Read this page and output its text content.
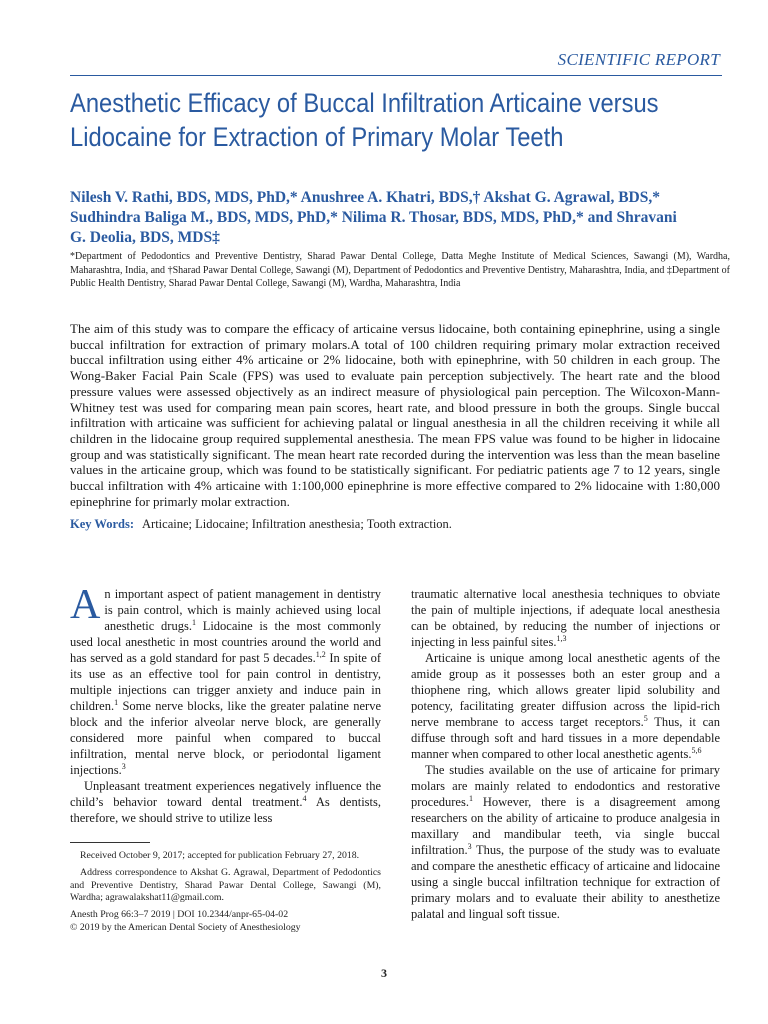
SCIENTIFIC REPORT
Anesthetic Efficacy of Buccal Infiltration Articaine versus
Lidocaine for Extraction of Primary Molar Teeth
Nilesh V. Rathi, BDS, MDS, PhD,* Anushree A. Khatri, BDS,† Akshat G. Agrawal, BDS,*
Sudhindra Baliga M., BDS, MDS, PhD,* Nilima R. Thosar, BDS, MDS, PhD,* and Shravani
G. Deolia, BDS, MDS‡
*Department of Pedodontics and Preventive Dentistry, Sharad Pawar Dental College, Datta Meghe Institute of Medical Sciences, Sawangi (M), Wardha, Maharashtra, India, and †Sharad Pawar Dental College, Sawangi (M), Department of Pedodontics and Preventive Dentistry, Maharashtra, India, and ‡Department of Public Health Dentistry, Sharad Pawar Dental College, Sawangi (M), Wardha, Maharashtra, India
The aim of this study was to compare the efficacy of articaine versus lidocaine, both containing epinephrine, using a single buccal infiltration for extraction of primary molars.A total of 100 children requiring primary molar extraction received buccal infiltration using either 4% articaine or 2% lidocaine, both with epinephrine, with 50 children in each group. The Wong-Baker Facial Pain Scale (FPS) was used to evaluate pain perception subjectively. The heart rate and the blood pressure values were assessed objectively as an indirect measure of physiological pain perception. The Wilcoxon-Mann-Whitney test was used for comparing mean pain scores, heart rate, and blood pressure in both the groups. Single buccal infiltration with articaine was sufficient for achieving palatal or lingual anesthesia in all the children receiving it while all children in the lidocaine group required supplemental anesthesia. The mean FPS value was found to be higher in lidocaine group and was statistically significant. The mean heart rate recorded during the intervention was less than the mean baseline values in the articaine group, which was found to be statistically significant. For pediatric patients age 7 to 12 years, single buccal infiltration with 4% articaine with 1:100,000 epinephrine is more effective compared to 2% lidocaine with 1:80,000 epinephrine for primarly molar extraction.
Key Words: Articaine; Lidocaine; Infiltration anesthesia; Tooth extraction.

An important aspect of patient management in dentistry is pain control, which is mainly achieved using local anesthetic drugs.$^1$ Lidocaine is the most commonly used local anesthetic in most countries around the world and has served as a gold standard for past 5 decades.$^{1,2}$ In spite of its use as an effective tool for pain control in dentistry, multiple injections can trigger anxiety and induce pain in children.$^1$ Some nerve blocks, like the greater palatine nerve block and the inferior alveolar nerve block, are generally considered more painful when compared to buccal infiltration, mental nerve block, or periodontal ligament injections.$^3$

Unpleasant treatment experiences negatively influence the child’s behavior toward dental treatment.$^4$ As dentists, therefore, we should strive to utilize less

traumatic alternative local anesthesia techniques to obviate the pain of multiple injections, if adequate local anesthesia can be obtained, by reducing the number of injections or injecting in less painful sites.$^{1,3}$

Articaine is unique among local anesthetic agents of the amide group as it possesses both an ester group and a thiophene ring, which allows greater lipid solubility and potency, facilitating greater diffusion across the lipid-rich nerve membrane to access target receptors.$^5$ Thus, it can diffuse through soft and hard tissues in a more dependable manner when compared to other local anesthetic agents.$^{5,6}$

The studies available on the use of articaine for primary molars are mainly related to endodontics and restorative procedures.$^1$ However, there is a disagreement among researchers on the ability of articaine to produce analgesia in maxillary and mandibular teeth, via single buccal infiltration.$^3$ Thus, the purpose of the study was to evaluate and compare the anesthetic efficacy of articaine and lidocaine using a single buccal infiltration technique for extraction of primary molars and to evaluate their ability to anesthetize palatal and lingual soft tissue.

Received October 9, 2017; accepted for publication February 27, 2018.

Address correspondence to Akshat G. Agrawal, Department of Pedodontics and Preventive Dentistry, Sharad Pawar Dental College, Sawangi (M), Wardha; agrawalakshat11@gmail.com.

Anesth Prog 66:3–7 2019 | DOI 10.2344/anpr-65-04-02

© 2019 by the American Dental Society of Anesthesiology

3
